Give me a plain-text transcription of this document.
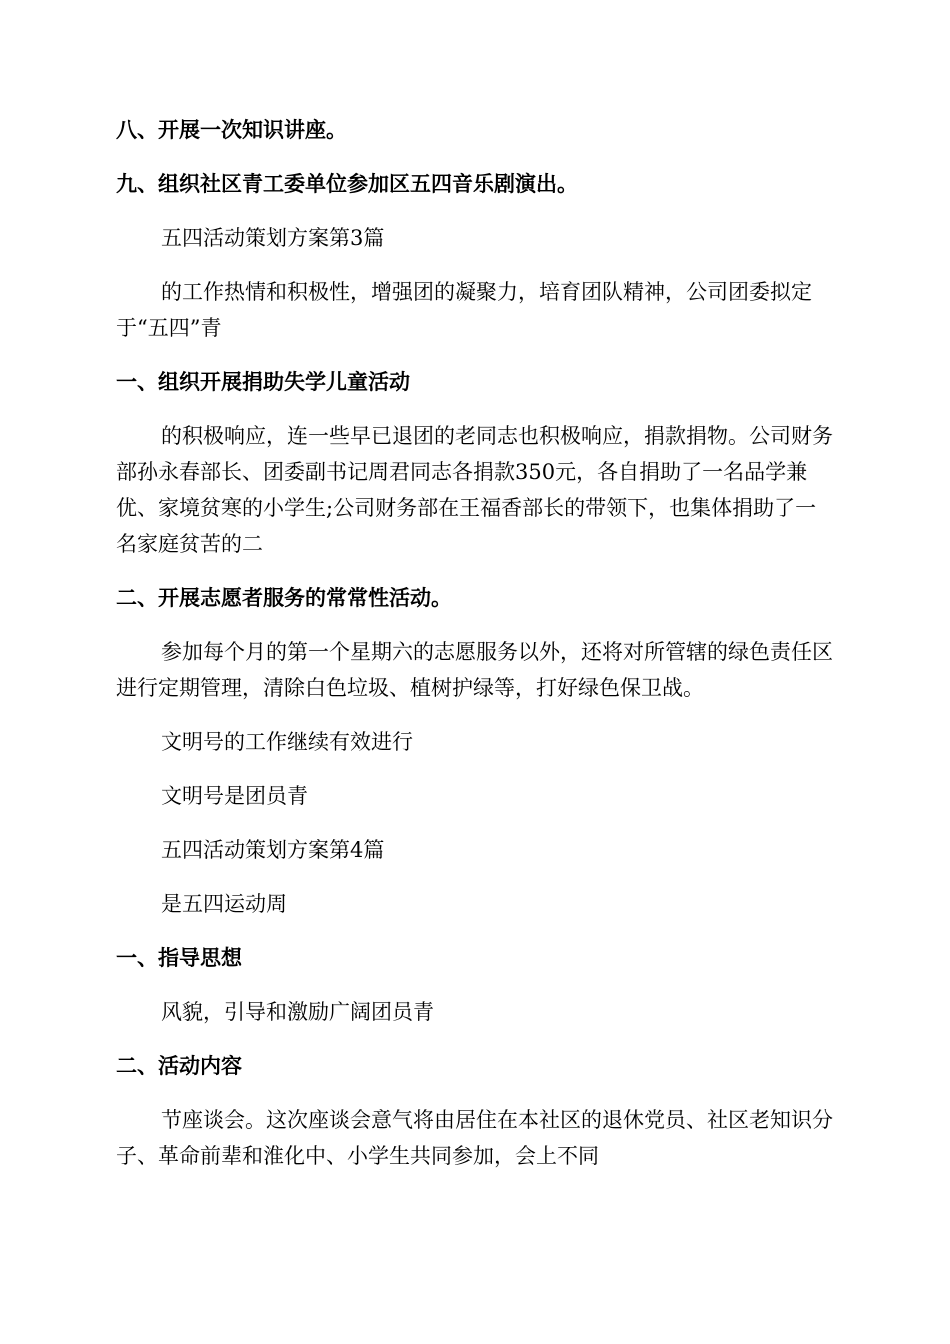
八、开展一次知识讲座。

九、组织社区青工委单位参加区五四音乐剧演出。

五四活动策划方案第3篇

的工作热情和积极性，增强团的凝聚力，培育团队精神，公司团委拟定于“五四”青

一、组织开展捐助失学儿童活动

的积极响应，连一些早已退团的老同志也积极响应，捐款捐物。公司财务部孙永春部长、团委副书记周君同志各捐款350元，各自捐助了一名品学兼优、家境贫寒的小学生;公司财务部在王福香部长的带领下，也集体捐助了一名家庭贫苦的二

二、开展志愿者服务的常常性活动。

参加每个月的第一个星期六的志愿服务以外，还将对所管辖的绿色责任区进行定期管理，清除白色垃圾、植树护绿等，打好绿色保卫战。

文明号的工作继续有效进行

文明号是团员青

五四活动策划方案第4篇

是五四运动周

一、指导思想

风貌，引导和激励广阔团员青

二、活动内容

节座谈会。这次座谈会意气将由居住在本社区的退休党员、社区老知识分子、革命前辈和淮化中、小学生共同参加，会上不同
